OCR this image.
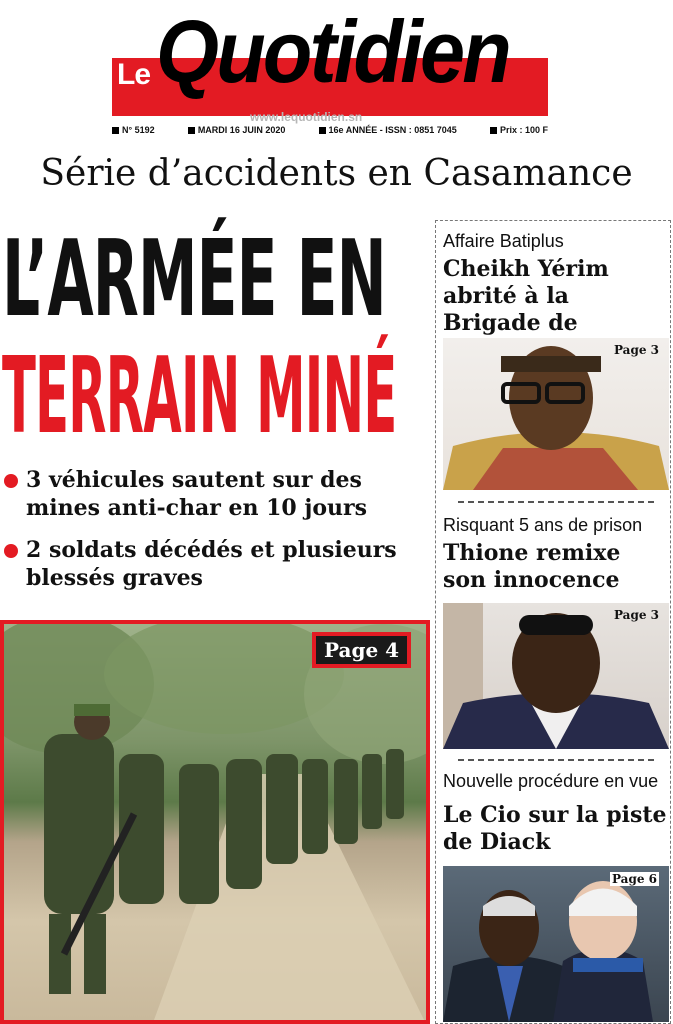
Le Quotidien
www.lequotidien.sn
N° 5192	MARDI 16 JUIN 2020	16e ANNÉE - ISSN : 0851 7045	Prix : 100 F
Série d’accidents en Casamance
L’ARMÉE EN
TERRAIN MINÉ
3 véhicules sautent sur des mines anti-char en 10 jours
2 soldats décédés et plusieurs blessés graves
Page 4
Affaire Batiplus
Cheikh Yérim abrité à la Brigade de
Page 3
Risquant 5 ans de prison
Thione remixe son innocence
Page 3
Nouvelle procédure en vue
Le Cio sur la piste de Diack
Page 6
